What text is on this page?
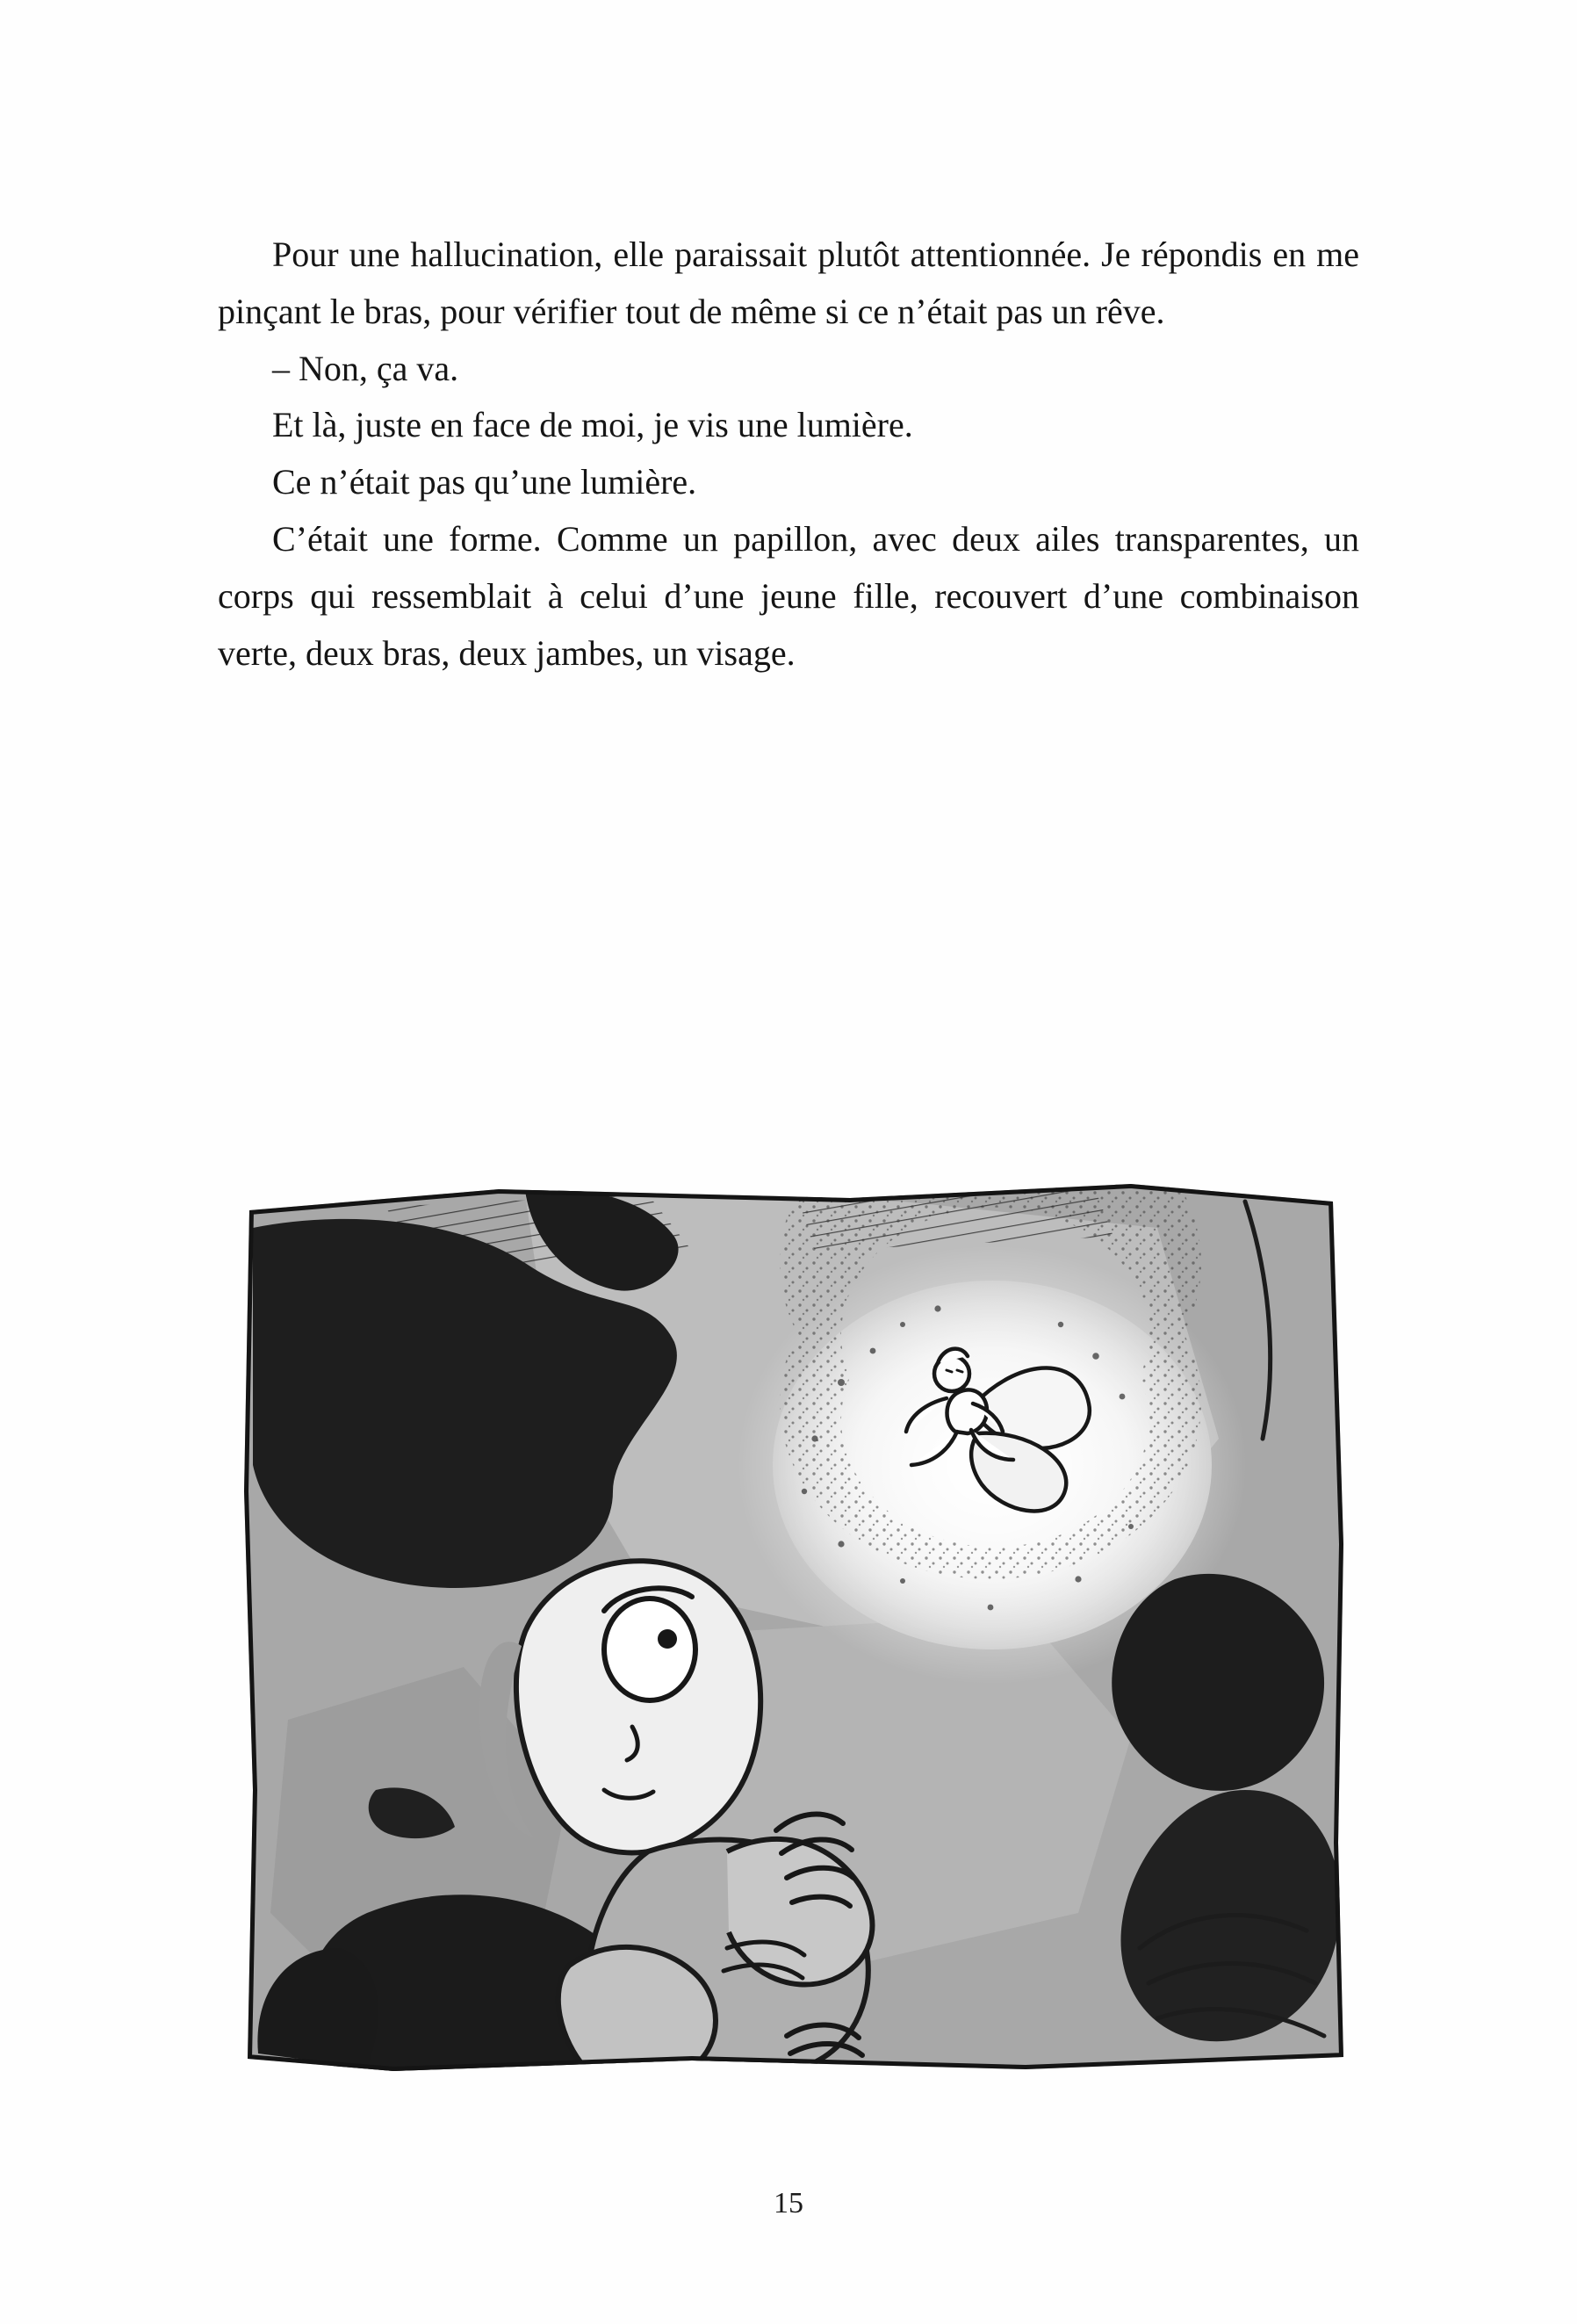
Pour une hallucination, elle paraissait plutôt attentionnée. Je répondis en me pinçant le bras, pour vérifier tout de même si ce n’était pas un rêve.

– Non, ça va.

Et là, juste en face de moi, je vis une lumière.

Ce n’était pas qu’une lumière.

C’était une forme. Comme un papillon, avec deux ailes transparentes, un corps qui ressemblait à celui d’une jeune fille, recouvert d’une combinaison verte, deux bras, deux jambes, un visage.

15
